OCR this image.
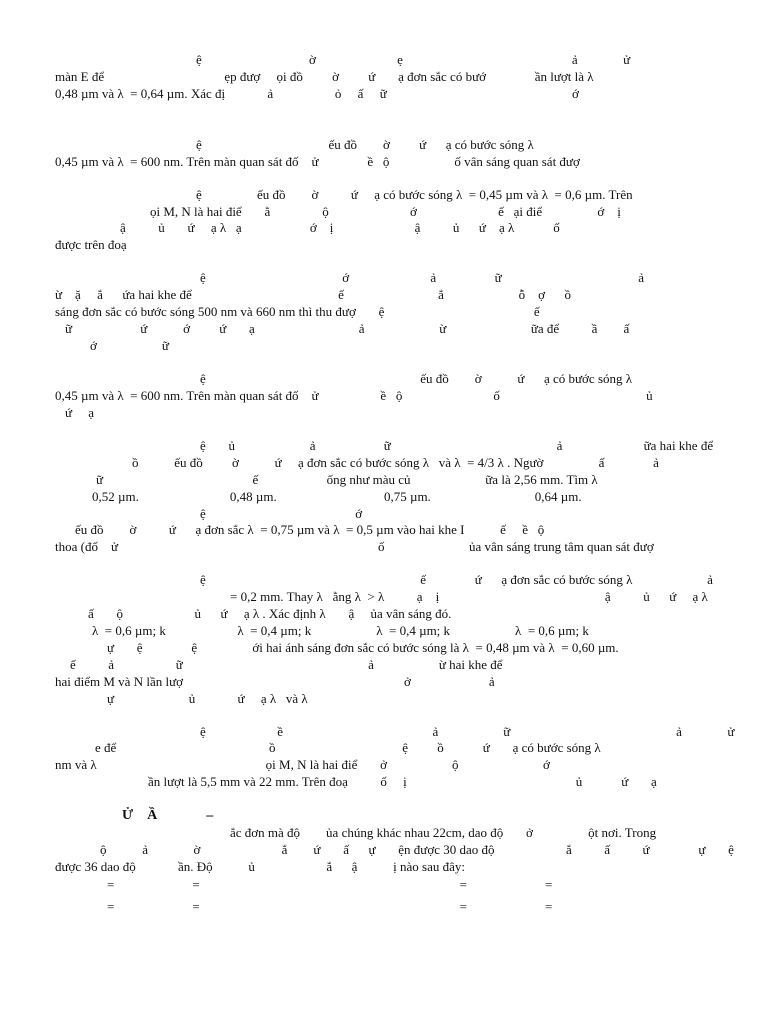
ệ                                 ờ                         ẹ                                                    ả              ử
màn E để                                     ẹp đượ     ọi đồ         ờ         ứ       ạ đơn sắc có bướ               ần lượt là λ
0,48 µm và λ  = 0,64 µm. Xác đị             ả                   ỏ     ấ     ữ                                                         ớ
ệ                                       ếu đồ        ờ         ứ      ạ có bước sóng λ
0,45 µm và λ  = 600 nm. Trên màn quan sát đố    ử               ề   ộ                    ố vân sáng quan sát đượ
ệ                 ếu đồ        ờ          ứ     ạ có bước sóng λ  = 0,45 µm và λ  = 0,6 µm. Trên
ọi M, N là hai điể       ằ                ộ                         ớ                         ế   ại điể                 ớ    ị
ậ          ủ       ứ     ạ λ   ạ                     ớ    ị                         ậ          ủ      ứ    ạ λ            ố
được trên đoạ
ệ                                          ớ                         ả                  ữ                                          ả
ừ    ặ     ắ      ứa hai khe để                                             ế                             ắ                       ỗ    ợ      ồ
sáng đơn sắc có bước sóng 500 nm và 660 nm thì thu đượ       ệ                                              ế
ữ                     ứ           ớ         ứ       ạ                                ả                       ừ                          ữa để          ầ        ấ
ớ                    ữ
ệ                                                                  ếu đồ        ờ           ứ      ạ có bước sóng λ
0,45 µm và λ  = 600 nm. Trên màn quan sát đố    ử                   ề   ộ                            ố                                             ủ
ứ     ạ
ệ       ủ                       ả                     ữ                                                   ả                         ữa hai khe để
ồ           ếu đồ         ờ           ứ     ạ đơn sắc có bước sóng λ   và λ  = 4/3 λ . Ngườ                 ấ               ả
ữ                                              ế                     ống như màu củ                       ữa là 2,56 mm. Tìm λ
0,52 µm.                            0,48 µm.                                 0,75 µm.                                0,64 µm.
ệ                                              ớ
ếu đồ        ờ          ứ      ạ đơn sắc λ  = 0,75 µm và λ  = 0,5 µm vào hai khe I           ế     ề   ộ
thoa (đố    ử                                                                                ố                          ủa vân sáng trung tâm quan sát đượ
ệ                                                                  ế               ứ      ạ đơn sắc có bước sóng λ                       ả
= 0,2 mm. Thay λ   ằng λ  > λ          ạ    ị                                                   ậ          ủ      ứ     ạ λ
ấ       ộ                      ủ      ứ     ạ λ . Xác định λ       ậ     ủa vân sáng đó.
λ  = 0,6 µm; k                      λ  = 0,4 µm; k                    λ  = 0,4 µm; k                    λ  = 0,6 µm; k
ự       ệ               ệ                 ới hai ánh sáng đơn sắc có bước sóng là λ  = 0,48 µm và λ  = 0,60 µm.
ế          ả                   ữ                                                         ả                    ừ hai khe để
hai điểm M và N lần lượ                                                                    ở                        ả
ự                       ủ             ứ     ạ λ   và λ
ệ                      ề                                              ả                    ữ                                                   ả              ử
e để                                               ồ                                       ệ         ồ            ứ       ạ có bước sóng λ
nm và λ                                                    ọi M, N là hai điể       ở                    ộ                          ớ
ần lượt là 5,5 mm và 22 mm. Trên đoạ          ố     ị                                                    ủ            ứ       ạ
Ử    Ầ              –
ắc đơn mà độ        ủa chúng khác nhau 22cm, dao độ       ở                 ột nơi. Trong
ộ           ả              ờ                         ắ        ứ       ấ      ự       ện được 30 dao độ                      ắ          ấ          ứ               ự       ệ
được 36 dao độ             ần. Độ           ủ                      ắ      ậ           ị nào sau đây:
=                        =                                                                                =                        =
=                        =                                                                                =                        =
